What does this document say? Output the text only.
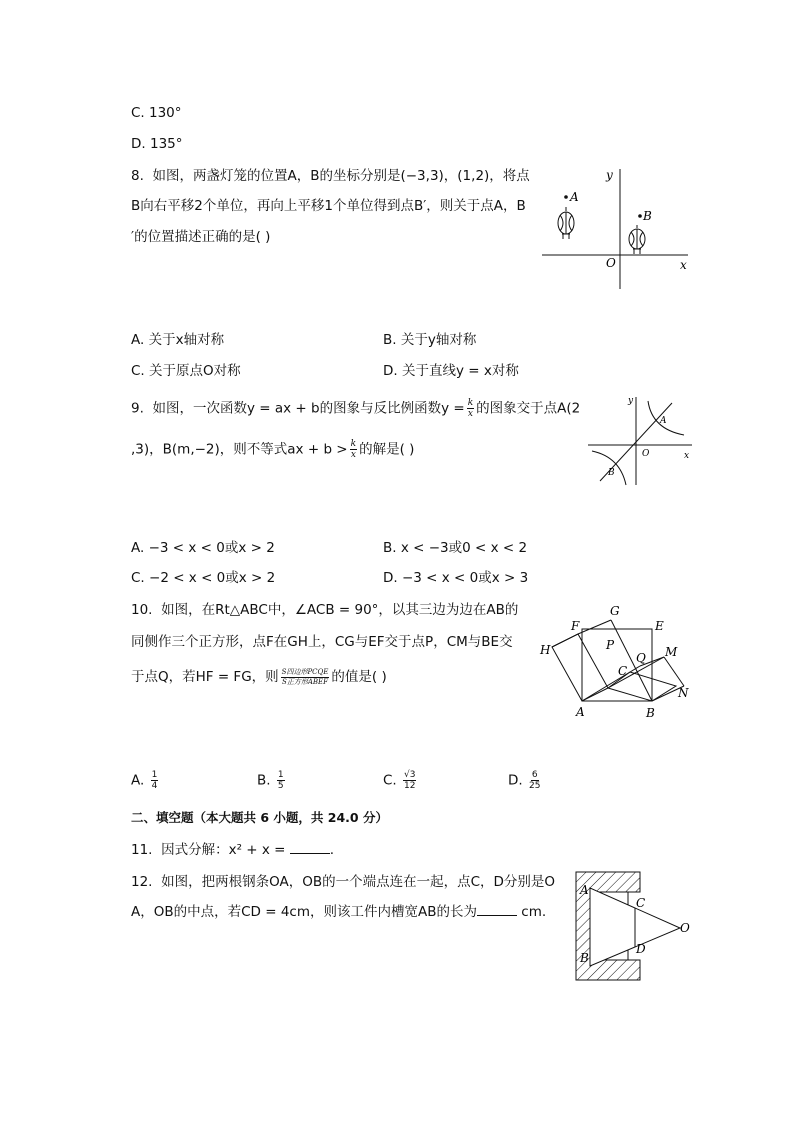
C. 130°
D. 135°
8. 如图，两盏灯笼的位置A，B的坐标分别是(−3,3)，(1,2)，将点
B向右平移2个单位，再向上平移1个单位得到点B′，则关于点A，B
′的位置描述正确的是( )
y
x
O
A
B
A. 关于x轴对称	B. 关于y轴对称
C. 关于原点O对称	D. 关于直线y = x对称
9. 如图，一次函数y = ax + b的图象与反比例函数$y = \frac{k}{x}$ 的图象交于点A(2
,3)，B(m,−2)，则不等式ax + $b > \frac{k}{x}$ 的解是( )
y
x
O
A
B
A. −3 < x < 0或x > 2	B. x < −3或0 < x < 2
C. −2 < x < 0或x > 2	D. −3 < x < 0或x > 3
10. 如图，在Rt△ABC中，∠ACB = 90°，以其三边为边在AB的
同侧作三个正方形，点F在GH上，CG与EF交于点P，CM与BE交
于点Q，若HF = FG，则 $\frac{\text{S四边形PCQE}}{\text{S正方形ABEF}}$ 的值是( )
G
F	E
P
Q M
H
C
N
A	B
A. $\frac{1}{4}$	B. $\frac{1}{5}$	C. $\frac{√3}{12}$	D. $\frac{6}{25}$
二、填空题（本大题共 6 小题，共 24.0 分）
11. 因式分解：x² + x =	.
12. 如图，把两根钢条OA，OB的一个端点连在一起，点C，D分别是O
A，OB的中点，若CD = 4cm，则该工件内槽宽AB的长为	cm.
A
B
C
D
O
